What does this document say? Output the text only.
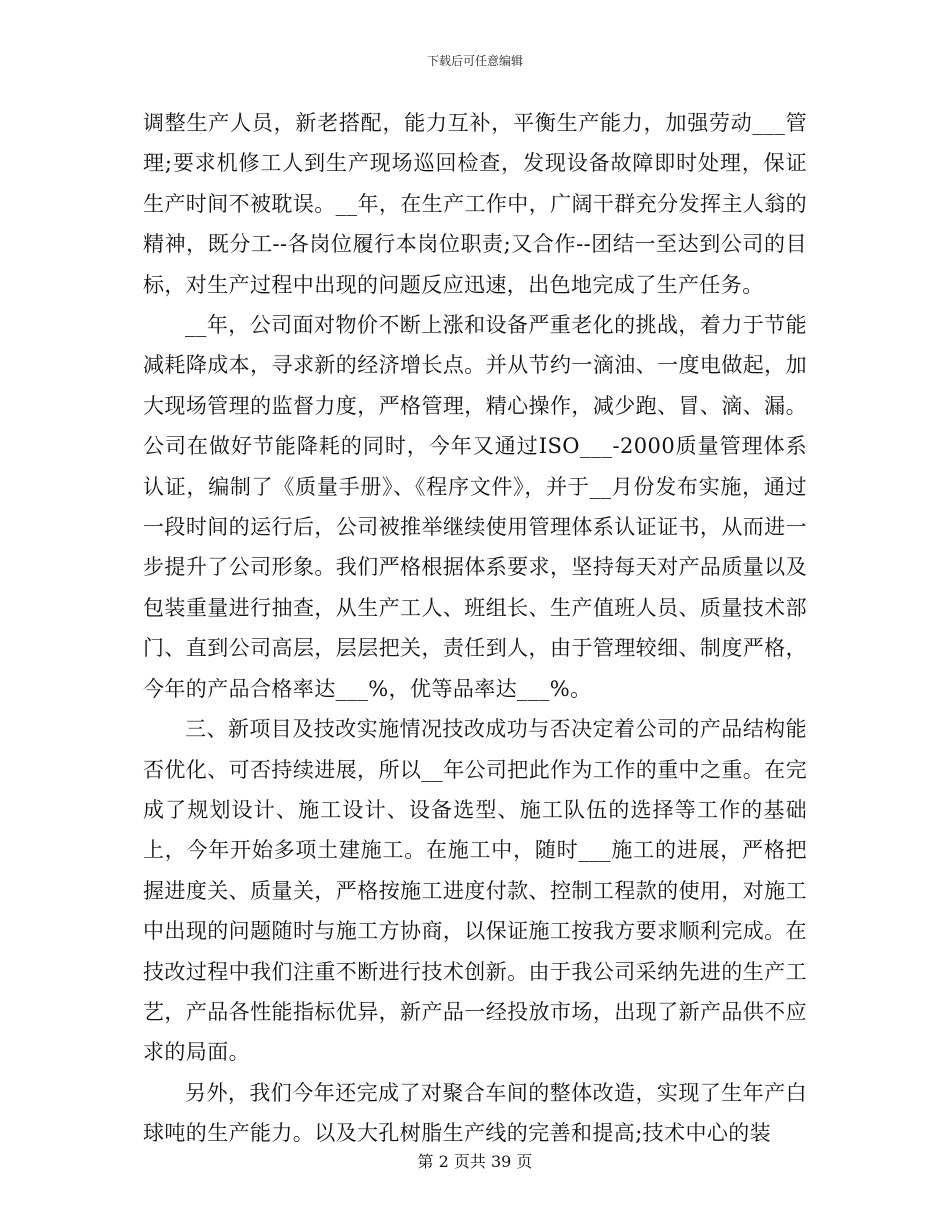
下载后可任意编辑

调整生产人员，新老搭配，能力互补，平衡生产能力，加强劳动___管理;要求机修工人到生产现场巡回检查，发现设备故障即时处理，保证生产时间不被耽误。__年，在生产工作中，广阔干群充分发挥主人翁的精神，既分工--各岗位履行本岗位职责;又合作--团结一至达到公司的目标，对生产过程中出现的问题反应迅速，出色地完成了生产任务。

__年，公司面对物价不断上涨和设备严重老化的挑战，着力于节能减耗降成本，寻求新的经济增长点。并从节约一滴油、一度电做起，加大现场管理的监督力度，严格管理，精心操作，减少跑、冒、滴、漏。公司在做好节能降耗的同时，今年又通过ISO___-2000质量管理体系认证，编制了《质量手册》、《程序文件》，并于__月份发布实施，通过一段时间的运行后，公司被推举继续使用管理体系认证证书，从而进一步提升了公司形象。我们严格根据体系要求，坚持每天对产品质量以及包装重量进行抽查，从生产工人、班组长、生产值班人员、质量技术部门、直到公司高层，层层把关，责任到人，由于管理较细、制度严格，今年的产品合格率达___%，优等品率达___%。

三、新项目及技改实施情况技改成功与否决定着公司的产品结构能否优化、可否持续进展，所以__年公司把此作为工作的重中之重。在完成了规划设计、施工设计、设备选型、施工队伍的选择等工作的基础上，今年开始多项土建施工。在施工中，随时___施工的进展，严格把握进度关、质量关，严格按施工进度付款、控制工程款的使用，对施工中出现的问题随时与施工方协商，以保证施工按我方要求顺利完成。在技改过程中我们注重不断进行技术创新。由于我公司采纳先进的生产工艺，产品各性能指标优异，新产品一经投放市场，出现了新产品供不应求的局面。

另外，我们今年还完成了对聚合车间的整体改造，实现了生年产白球吨的生产能力。以及大孔树脂生产线的完善和提高;技术中心的装

第 2 页共 39 页
